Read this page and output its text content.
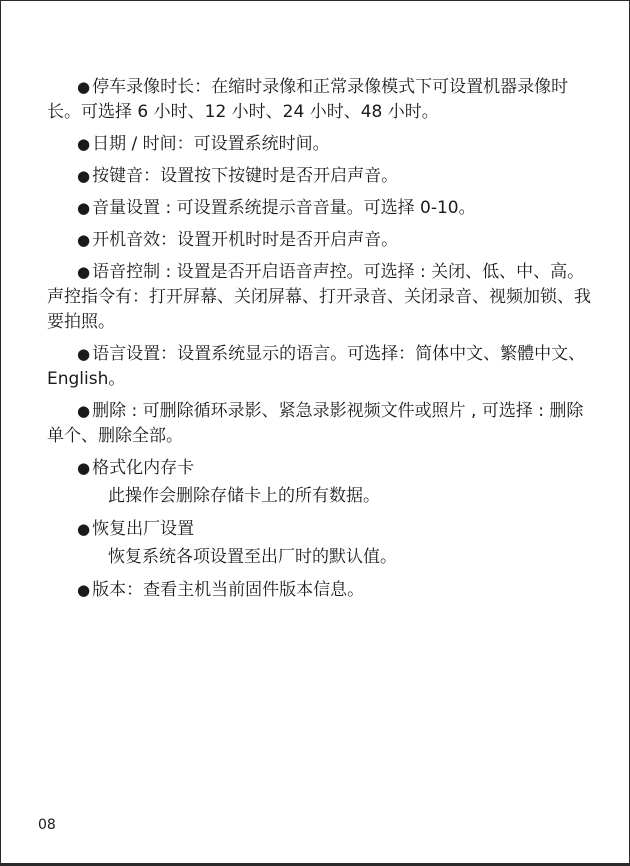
● 停车录像时长：在缩时录像和正常录像模式下可设置机器录像时长。可选择 6 小时、12 小时、24 小时、48 小时。
● 日期 / 时间：可设置系统时间。
● 按键音：设置按下按键时是否开启声音。
● 音量设置 : 可设置系统提示音音量。可选择 0-10。
● 开机音效：设置开机时时是否开启声音。
● 语音控制 : 设置是否开启语音声控。可选择 : 关闭、低、中、高。声控指令有：打开屏幕、关闭屏幕、打开录音、关闭录音、视频加锁、我要拍照。
● 语言设置：设置系统显示的语言。可选择：简体中文、繁體中文、English。
● 删除 : 可删除循环录影、紧急录影视频文件或照片 , 可选择 : 删除单个、删除全部。
● 格式化内存卡
此操作会删除存储卡上的所有数据。
● 恢复出厂设置
恢复系统各项设置至出厂时的默认值。
● 版本：查看主机当前固件版本信息。
08
